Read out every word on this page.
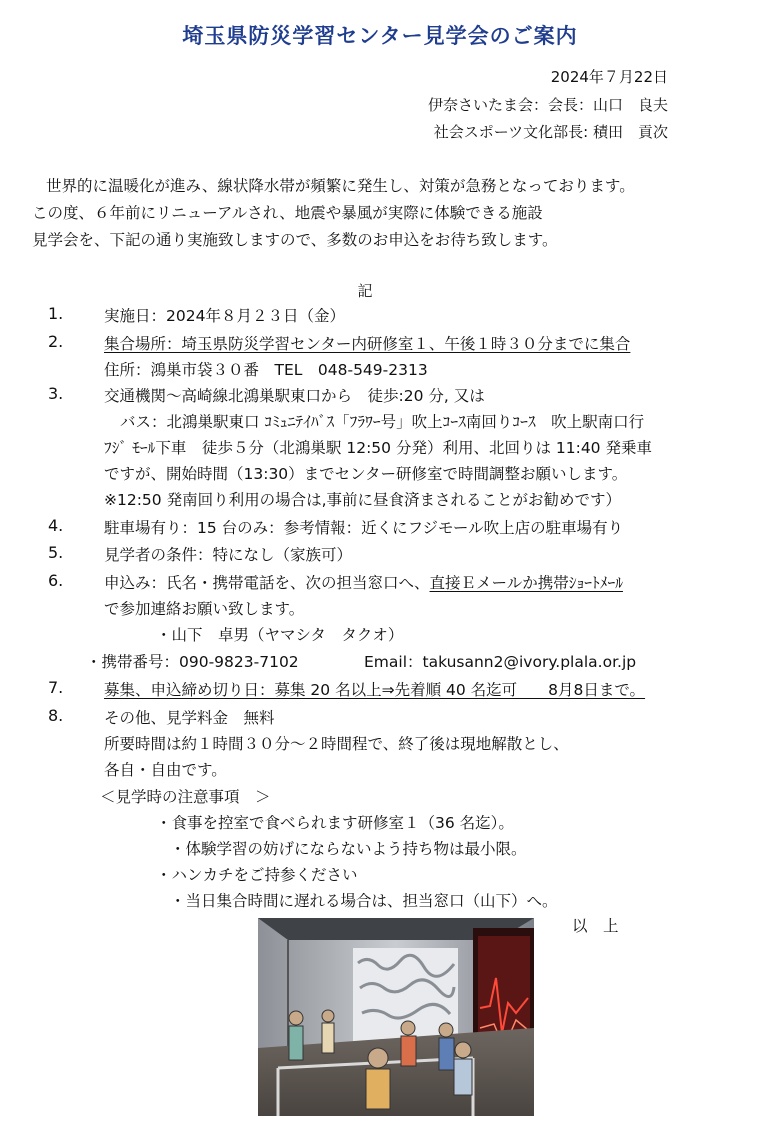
埼玉県防災学習センター見学会のご案内
2024年７月22日
伊奈さいたま会：会長：山口　良夫
社会スポーツ文化部長: 積田　貢次
世界的に温暖化が進み、線状降水帯が頻繁に発生し、対策が急務となっております。
この度、６年前にリニューアルされ、地震や暴風が実際に体験できる施設
見学会を、下記の通り実施致しますので、多数のお申込をお待ち致します。
記
1.	実施日：2024年８月２３日（金）
2.	集合場所：埼玉県防災学習センター内研修室１、午後１時３０分までに集合
住所：鴻巣市袋３０番　TEL　048-549-2313
3.	交通機関～高崎線北鴻巣駅東口から　徒歩:20 分, 又は
バス：北鴻巣駅東口 ｺﾐｭﾆﾃｲﾊﾞｽ「ﾌﾗﾜｰ号」吹上ｺｰｽ南回りｺｰｽ　吹上駅南口行
ﾌｼﾞ ﾓｰﾙ下車　徒歩５分（北鴻巣駅 12:50 分発）利用、北回りは 11:40 発乗車
ですが、開始時間（13:30）までセンター研修室で時間調整お願いします。
※12:50 発南回り利用の場合は,事前に昼食済まされることがお勧めです）
4.	駐車場有り：15 台のみ：参考情報：近くにフジモール吹上店の駐車場有り
5.	見学者の条件：特になし（家族可）
6.	申込み：氏名・携帯電話を、次の担当窓口へ、直接Ｅメールか携帯ｼｮｰﾄﾒｰﾙ
で参加連絡お願い致します。
・山下　卓男（ヤマシタ　タクオ）
・携帯番号：090-9823-7102	Email：takusann2@ivory.plala.or.jp
7.	募集、申込締め切り日：募集 20 名以上⇒先着順 40 名迄可　　8月8日まで。
8.	その他、見学料金　無料
所要時間は約１時間３０分～２時間程で、終了後は現地解散とし、
各自・自由です。
＜見学時の注意事項　＞
・食事を控室で食べられます研修室１（36 名迄）。
・体験学習の妨げにならないよう持ち物は最小限。
・ハンカチをご持参ください
・当日集合時間に遅れる場合は、担当窓口（山下）へ。
以　上
